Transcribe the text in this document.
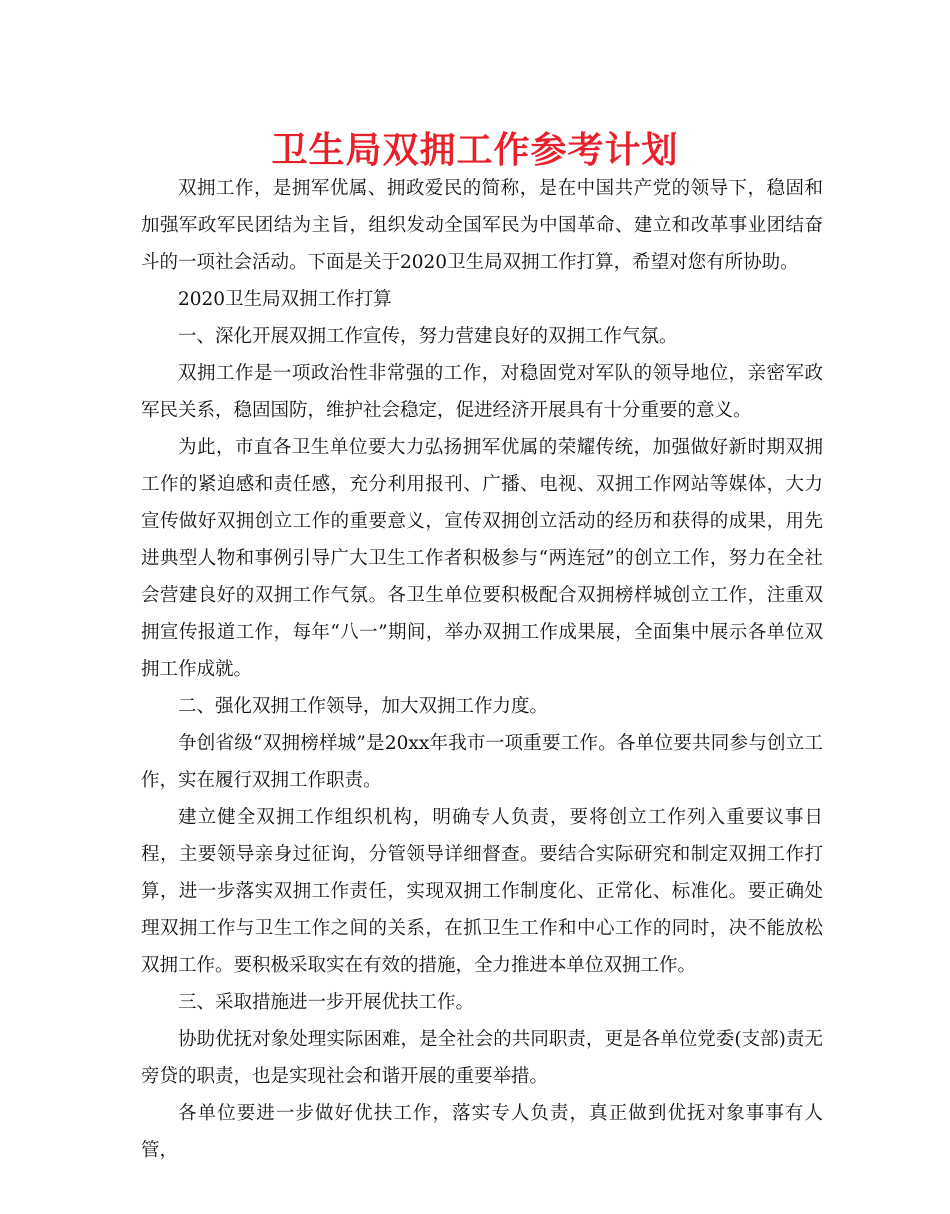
卫生局双拥工作参考计划

双拥工作，是拥军优属、拥政爱民的简称，是在中国共产党的领导下，稳固和加强军政军民团结为主旨，组织发动全国军民为中国革命、建立和改革事业团结奋斗的一项社会活动。下面是关于2020卫生局双拥工作打算，希望对您有所协助。

2020卫生局双拥工作打算

一、深化开展双拥工作宣传，努力营建良好的双拥工作气氛。

双拥工作是一项政治性非常强的工作，对稳固党对军队的领导地位，亲密军政军民关系，稳固国防，维护社会稳定，促进经济开展具有十分重要的意义。

为此，市直各卫生单位要大力弘扬拥军优属的荣耀传统，加强做好新时期双拥工作的紧迫感和责任感，充分利用报刊、广播、电视、双拥工作网站等媒体，大力宣传做好双拥创立工作的重要意义，宣传双拥创立活动的经历和获得的成果，用先进典型人物和事例引导广大卫生工作者积极参与“两连冠”的创立工作，努力在全社会营建良好的双拥工作气氛。各卫生单位要积极配合双拥榜样城创立工作，注重双拥宣传报道工作，每年“八一”期间，举办双拥工作成果展，全面集中展示各单位双拥工作成就。

二、强化双拥工作领导，加大双拥工作力度。

争创省级“双拥榜样城”是20xx年我市一项重要工作。各单位要共同参与创立工作，实在履行双拥工作职责。

建立健全双拥工作组织机构，明确专人负责，要将创立工作列入重要议事日程，主要领导亲身过征询，分管领导详细督查。要结合实际研究和制定双拥工作打算，进一步落实双拥工作责任，实现双拥工作制度化、正常化、标准化。要正确处理双拥工作与卫生工作之间的关系，在抓卫生工作和中心工作的同时，决不能放松双拥工作。要积极采取实在有效的措施，全力推进本单位双拥工作。

三、采取措施进一步开展优扶工作。

协助优抚对象处理实际困难，是全社会的共同职责，更是各单位党委(支部)责无旁贷的职责，也是实现社会和谐开展的重要举措。

各单位要进一步做好优扶工作，落实专人负责，真正做到优抚对象事事有人管，
